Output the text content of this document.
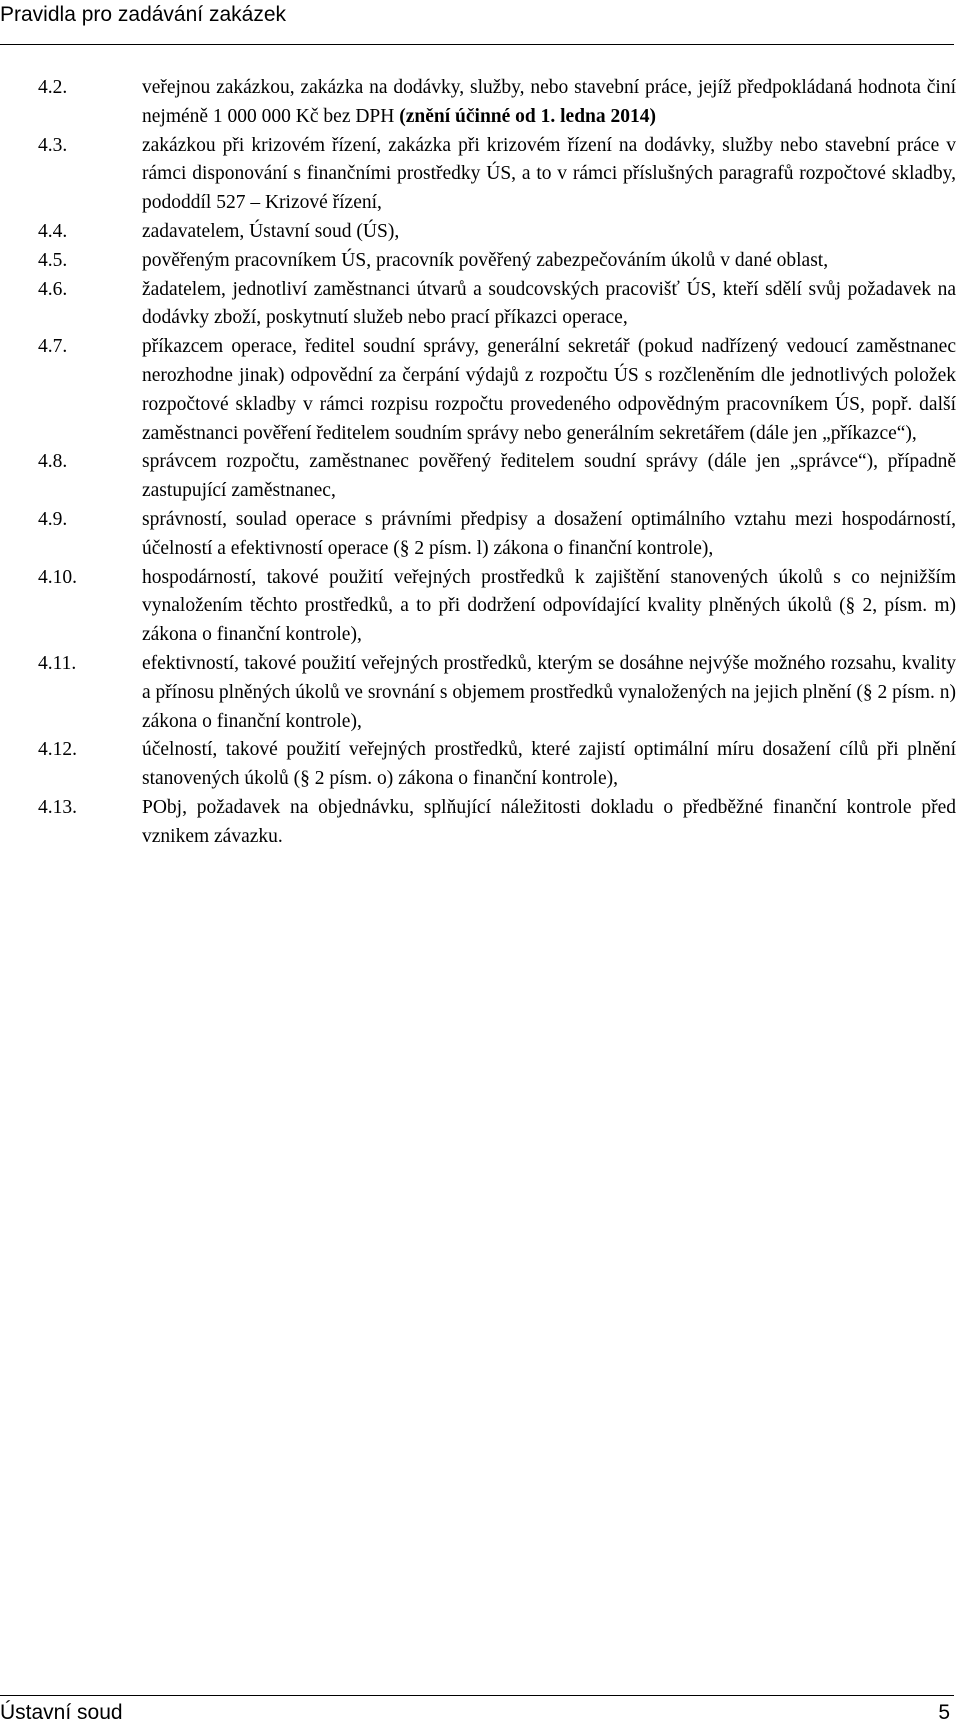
Pravidla pro zadávání zakázek
4.2.	veřejnou zakázkou, zakázka na dodávky, služby, nebo stavební práce, jejíž předpokládaná hodnota činí nejméně 1 000 000 Kč bez DPH (znění účinné od 1. ledna 2014)

4.3.	zakázkou při krizovém řízení, zakázka při krizovém řízení na dodávky, služby nebo stavební práce v rámci disponování s finančními prostředky ÚS, a to v rámci příslušných paragrafů rozpočtové skladby, pododdíl 527 – Krizové řízení,

4.4.	zadavatelem, Ústavní soud (ÚS),

4.5.	pověřeným pracovníkem ÚS, pracovník pověřený zabezpečováním úkolů v dané oblast,

4.6.	žadatelem, jednotliví zaměstnanci útvarů a soudcovských pracovišť ÚS, kteří sdělí svůj požadavek na dodávky zboží, poskytnutí služeb nebo prací příkazci operace,

4.7.	příkazcem operace, ředitel soudní správy, generální sekretář (pokud nadřízený vedoucí zaměstnanec nerozhodne jinak) odpovědní za čerpání výdajů z rozpočtu ÚS s rozčleněním dle jednotlivých položek rozpočtové skladby v rámci rozpisu rozpočtu provedeného odpovědným pracovníkem ÚS, popř. další zaměstnanci pověření ředitelem soudním správy nebo generálním sekretářem (dále jen „příkazce“),

4.8.	správcem rozpočtu, zaměstnanec pověřený ředitelem soudní správy (dále jen „správce“), případně zastupující zaměstnanec,

4.9.	správností, soulad operace s právními předpisy a dosažení optimálního vztahu mezi hospodárností, účelností a efektivností operace (§ 2 písm. l) zákona o finanční kontrole),

4.10.	hospodárností, takové použití veřejných prostředků k zajištění stanovených úkolů s co nejnižším vynaložením těchto prostředků, a to při dodržení odpovídající kvality plněných úkolů (§ 2, písm. m) zákona o finanční kontrole),

4.11.	efektivností, takové použití veřejných prostředků, kterým se dosáhne nejvýše možného rozsahu, kvality a přínosu plněných úkolů ve srovnání s objemem prostředků vynaložených na jejich plnění (§ 2 písm. n) zákona o finanční kontrole),

4.12.	účelností, takové použití veřejných prostředků, které zajistí optimální míru dosažení cílů při plnění stanovených úkolů (§ 2 písm. o) zákona o finanční kontrole),

4.13.	PObj, požadavek na objednávku, splňující náležitosti dokladu o předběžné finanční kontrole před vznikem závazku.

Ústavní soud	5
